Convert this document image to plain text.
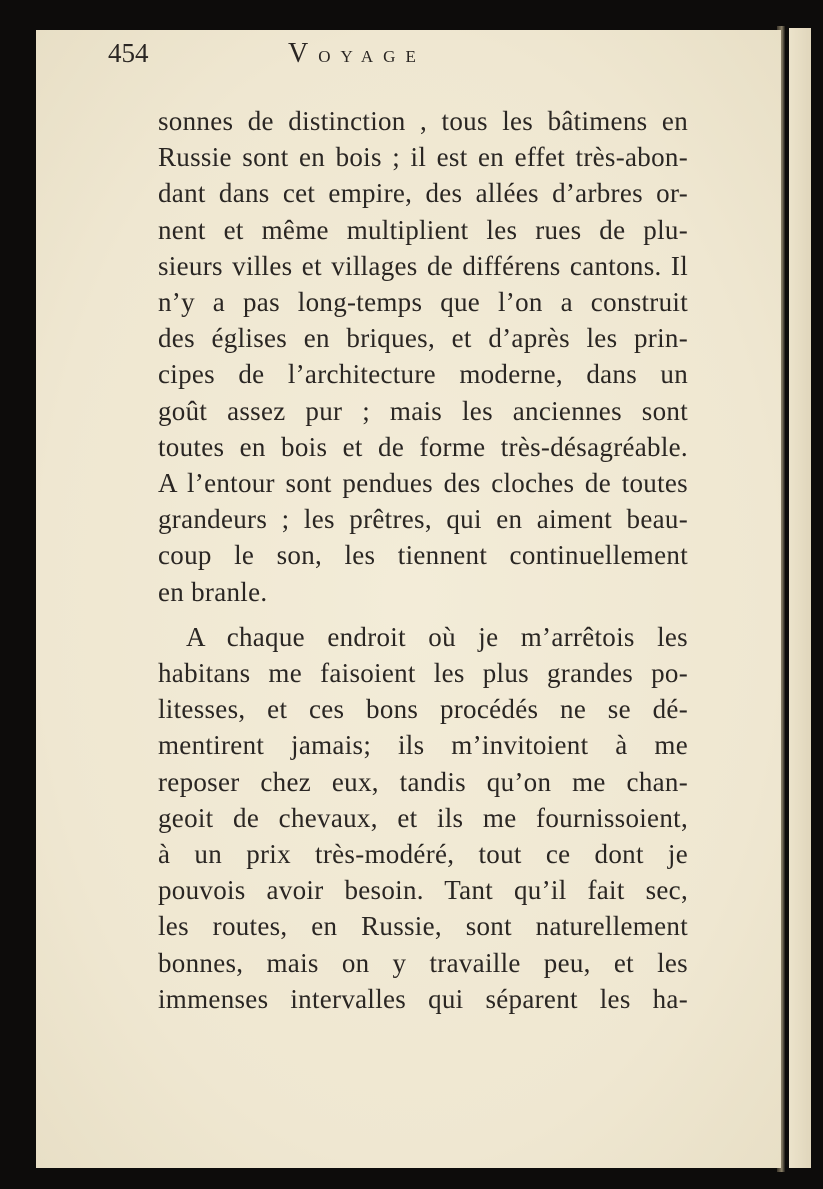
454	VOYAGE
sonnes de distinction , tous les bâtimens en
Russie sont en bois ; il est en effet très-abon-
dant dans cet empire, des allées d’arbres or-
nent et même multiplient les rues de plu-
sieurs villes et villages de différens cantons. Il
n’y a pas long-temps que l’on a construit
des églises en briques, et d’après les prin-
cipes de l’architecture moderne, dans un
goût assez pur ; mais les anciennes sont
toutes en bois et de forme très-désagréable.
A l’entour sont pendues des cloches de toutes
grandeurs ; les prêtres, qui en aiment beau-
coup le son, les tiennent continuellement
en branle.
A chaque endroit où je m’arrêtois les
habitans me faisoient les plus grandes po-
litesses, et ces bons procédés ne se dé-
mentirent jamais; ils m’invitoient à me
reposer chez eux, tandis qu’on me chan-
geoit de chevaux, et ils me fournissoient,
à un prix très-modéré, tout ce dont je
pouvois avoir besoin. Tant qu’il fait sec,
les routes, en Russie, sont naturellement
bonnes, mais on y travaille peu, et les
immenses intervalles qui séparent les ha-
